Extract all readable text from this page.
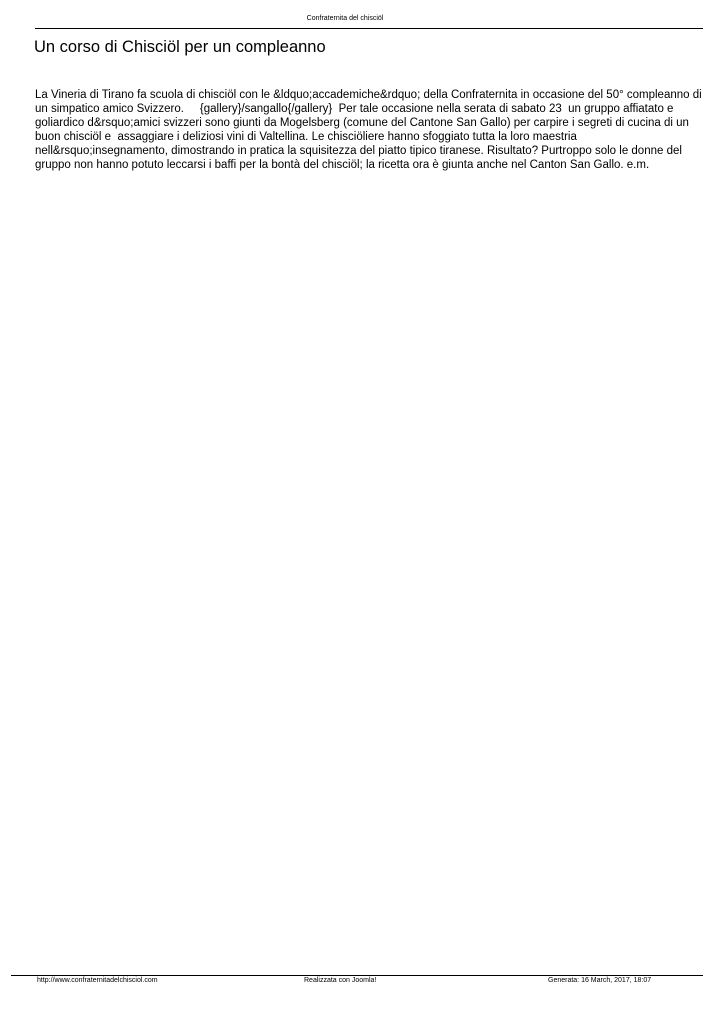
Confraternita del chisciöl
Un corso di Chisciöl per un compleanno

La Vineria di Tirano fa scuola di chisciöl con le &ldquo;accademiche&rdquo; della Confraternita in occasione del 50° compleanno di un simpatico amico Svizzero.     {gallery}/sangallo{/gallery}  Per tale occasione nella serata di sabato 23  un gruppo affiatato e goliardico d&rsquo;amici svizzeri sono giunti da Mogelsberg (comune del Cantone San Gallo) per carpire i segreti di cucina di un buon chisciöl e  assaggiare i deliziosi vini di Valtellina. Le chisciöliere hanno sfoggiato tutta la loro maestria nell&rsquo;insegnamento, dimostrando in pratica la squisitezza del piatto tipico tiranese. Risultato? Purtroppo solo le donne del gruppo non hanno potuto leccarsi i baffi per la bontà del chisciöl; la ricetta ora è giunta anche nel Canton San Gallo. e.m.

http://www.confraternitadelchisciol.com	Realizzata con Joomla!	Generata: 16 March, 2017, 18:07
